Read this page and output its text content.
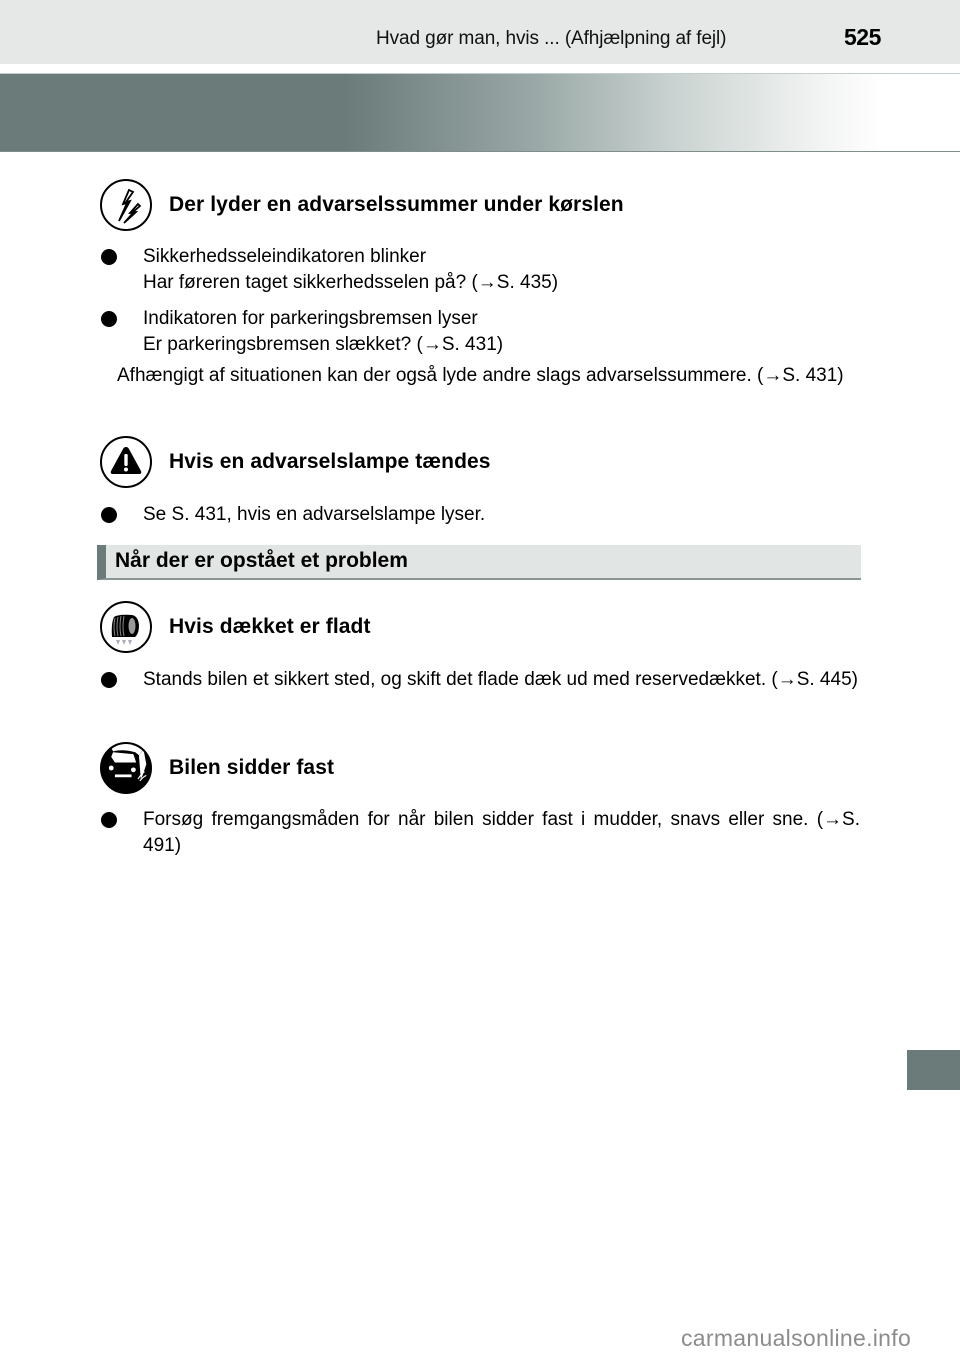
Hvad gør man, hvis ... (Afhjælpning af fejl)	525
Der lyder en advarselssummer under kørslen
Sikkerhedsseleindikatoren blinker
Har føreren taget sikkerhedsselen på? (→S. 435)
Indikatoren for parkeringsbremsen lyser
Er parkeringsbremsen slækket? (→S. 431)
Afhængigt af situationen kan der også lyde andre slags advarselssummere. (→S. 431)
Hvis en advarselslampe tændes
Se S. 431, hvis en advarselslampe lyser.
Når der er opstået et problem
Hvis dækket er fladt
Stands bilen et sikkert sted, og skift det flade dæk ud med reservedækket. (→S. 445)
Bilen sidder fast
Forsøg fremgangsmåden for når bilen sidder fast i mudder, snavs eller sne. (→S. 491)
carmanualsonline.info
